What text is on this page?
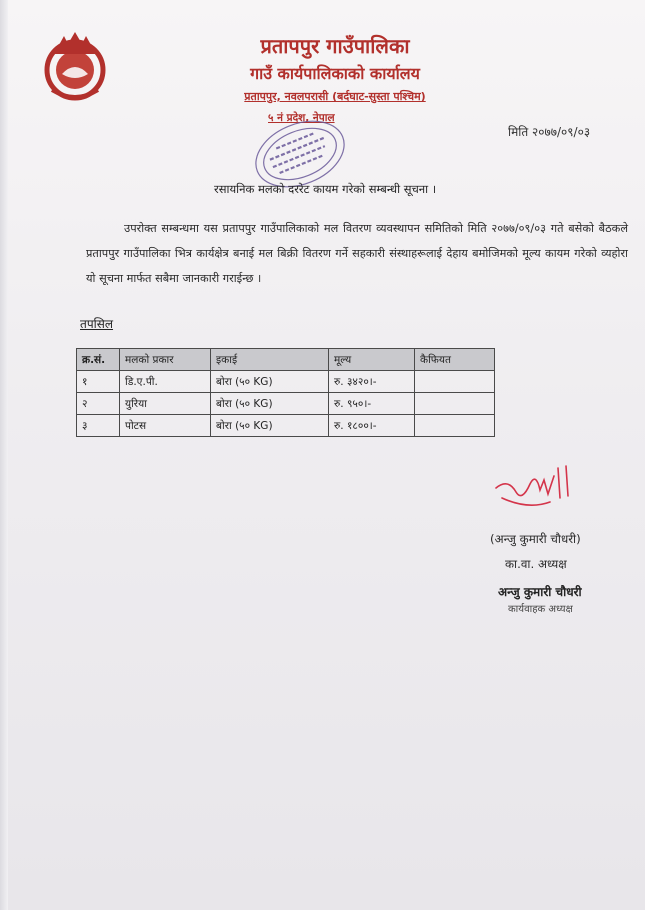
प्रतापपुर गाउँपालिका
गाउँ कार्यपालिकाको कार्यालय
प्रतापपुर, नवलपरासी (बर्दघाट-सुस्ता पश्चिम)
५ नं प्रदेश, नेपाल
मिति २०७७/०९/०३
रसायनिक मलको दररेट कायम गरेको सम्बन्धी सूचना ।
उपरोक्त सम्बन्धमा यस प्रतापपुर गाउँपालिकाको मल वितरण व्यवस्थापन समितिको मिति २०७७/०९/०३ गते बसेको बैठकले प्रतापपुर गाउँपालिका भित्र कार्यक्षेत्र बनाई मल बिक्री वितरण गर्ने सहकारी संस्थाहरूलाई देहाय बमोजिमको मूल्य कायम गरेको व्यहोरा यो सूचना मार्फत सबैमा जानकारी गराईन्छ ।
तपसिल
क्र.सं.	मलको प्रकार	इकाई	मूल्य	कैफियत
१	डि.ए.पी.	बोरा (५० KG)	रु. ३४२०।-	
२	युरिया	बोरा (५० KG)	रु. ९५०।-	
३	पोटस	बोरा (५० KG)	रु. १८००।-	
(अन्जु कुमारी चौधरी)
का.वा. अध्यक्ष
अन्जु कुमारी चौधरी
कार्यवाहक अध्यक्ष
